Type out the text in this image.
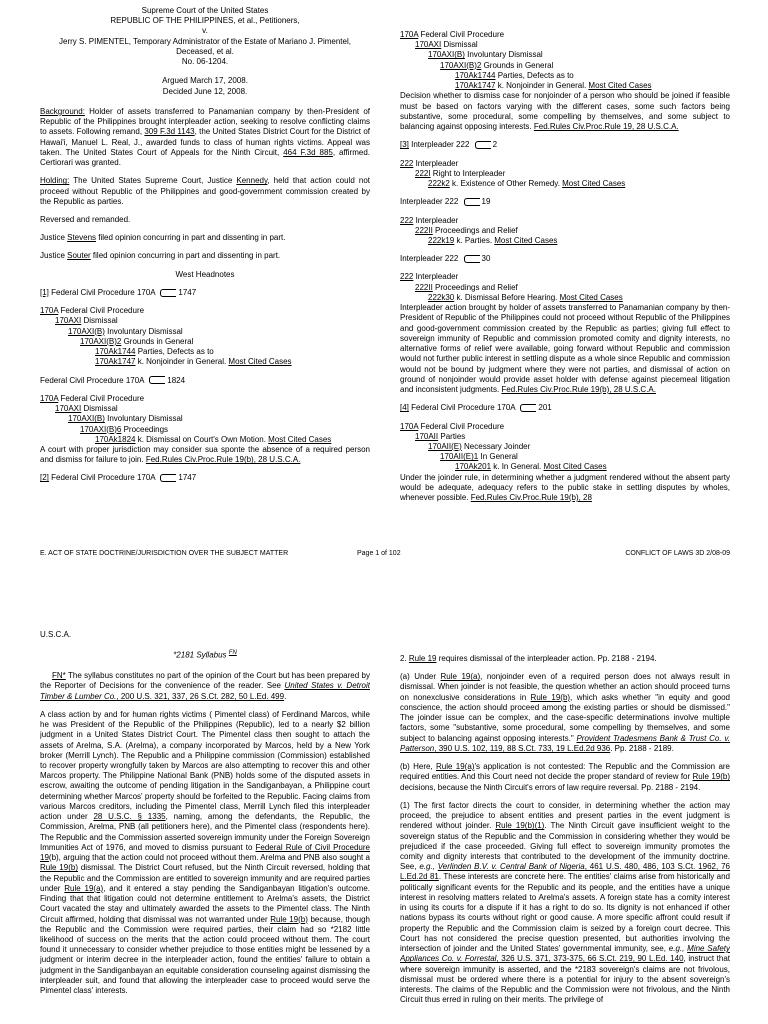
Supreme Court of the United States

REPUBLIC OF THE PHILIPPINES, et al., Petitioners,

v.

Jerry S. PIMENTEL, Temporary Administrator of the Estate of Mariano J. Pimentel,

Deceased, et al.

No. 06-1204.

Argued March 17, 2008.

Decided June 12, 2008.

Background: Holder of assets transferred to Panamanian company by then-President of Republic of the Philippines brought interpleader action, seeking to resolve conflicting claims to assets. Following remand, 309 F.3d 1143, the United States District Court for the District of Hawai'i, Manuel L. Real, J., awarded funds to class of human rights victims. Appeal was taken. The United States Court of Appeals for the Ninth Circuit, 464 F.3d 885, affirmed. Certiorari was granted.

Holding: The United States Supreme Court, Justice Kennedy, held that action could not proceed without Republic of the Philippines and good-government commission created by the Republic as parties.

Reversed and remanded.

Justice Stevens filed opinion concurring in part and dissenting in part.

Justice Souter filed opinion concurring in part and dissenting in part.

West Headnotes

[1] Federal Civil Procedure 170A	1747
170A Federal Civil Procedure
170AXI Dismissal
170AXI(B) Involuntary Dismissal
170AXI(B)2 Grounds in General
170Ak1744 Parties, Defects as to
170Ak1747 k. Nonjoinder in General. Most Cited Cases
Federal Civil Procedure 170A	1824
170A Federal Civil Procedure
170AXI Dismissal
170AXI(B) Involuntary Dismissal
170AXI(B)6 Proceedings
170Ak1824 k. Dismissal on Court's Own Motion. Most Cited Cases

A court with proper jurisdiction may consider sua sponte the absence of a required person and dismiss for failure to join. Fed.Rules Civ.Proc.Rule 19(b), 28 U.S.C.A.

[2] Federal Civil Procedure 170A	1747
170A Federal Civil Procedure
170AXI Dismissal
170AXI(B) Involuntary Dismissal
170AXI(B)2 Grounds in General
170Ak1744 Parties, Defects as to
170Ak1747 k. Nonjoinder in General. Most Cited Cases

Decision whether to dismiss case for nonjoinder of a person who should be joined if feasible must be based on factors varying with the different cases, some such factors being substantive, some procedural, some compelling by themselves, and some subject to balancing against opposing interests. Fed.Rules Civ.Proc.Rule 19, 28 U.S.C.A.

[3] Interpleader 222	2
222 Interpleader
222I Right to Interpleader
222k2 k. Existence of Other Remedy. Most Cited Cases
Interpleader 222	19
222 Interpleader
222II Proceedings and Relief
222k19 k. Parties. Most Cited Cases
Interpleader 222	30
222 Interpleader
222II Proceedings and Relief
222k30 k. Dismissal Before Hearing. Most Cited Cases

Interpleader action brought by holder of assets transferred to Panamanian company by then-President of Republic of the Philippines could not proceed without Republic of the Philippines and good-government commission created by the Republic as parties; giving full effect to sovereign immunity of Republic and commission promoted comity and dignity interests, no alternative forms of relief were available, going forward without Republic and commission would not further public interest in settling dispute as a whole since Republic and commission would not be bound by judgment where they were not parties, and dismissal of action on ground of nonjoinder would provide asset holder with defense against piecemeal litigation and inconsistent judgments. Fed.Rules Civ.Proc.Rule 19(b), 28 U.S.C.A.

[4] Federal Civil Procedure 170A	201
170A Federal Civil Procedure
170AII Parties
170AII(E) Necessary Joinder
170AII(E)1 In General
170Ak201 k. In General. Most Cited Cases

Under the joinder rule, in determining whether a judgment rendered without the absent party would be adequate, adequacy refers to the public stake in settling disputes by wholes, whenever possible. Fed.Rules Civ.Proc.Rule 19(b), 28

E. ACT OF STATE DOCTRINE/JURISDICTION OVER THE SUBJECT MATTER	Page 1 of 102	CONFLICT OF LAWS 3D 2/08-09

U.S.C.A.

*2181 Syllabus $^{FN}$

FN* The syllabus constitutes no part of the opinion of the Court but has been prepared by the Reporter of Decisions for the convenience of the reader. See United States v. Detroit Timber & Lumber Co., 200 U.S. 321, 337, 26 S.Ct. 282, 50 L.Ed. 499.

A class action by and for human rights victims ( Pimentel class) of Ferdinand Marcos, while he was President of the Republic of the Philippines (Republic), led to a nearly $2 billion judgment in a United States District Court. The Pimentel class then sought to attach the assets of Arelma, S.A. (Arelma), a company incorporated by Marcos, held by a New York broker (Merrill Lynch). The Republic and a Philippine commission (Commission) established to recover property wrongfully taken by Marcos are also attempting to recover this and other Marcos property. The Philippine National Bank (PNB) holds some of the disputed assets in escrow, awaiting the outcome of pending litigation in the Sandiganbayan, a Philippine court determining whether Marcos' property should be forfeited to the Republic. Facing claims from various Marcos creditors, including the Pimentel class, Merrill Lynch filed this interpleader action under 28 U.S.C. § 1335, naming, among the defendants, the Republic, the Commission, Arelma, PNB (all petitioners here), and the Pimentel class (respondents here). The Republic and the Commission asserted sovereign immunity under the Foreign Sovereign Immunities Act of 1976, and moved to dismiss pursuant to Federal Rule of Civil Procedure 19(b), arguing that the action could not proceed without them. Arelma and PNB also sought a Rule 19(b) dismissal. The District Court refused, but the Ninth Circuit reversed, holding that the Republic and the Commission are entitled to sovereign immunity and are required parties under Rule 19(a), and it entered a stay pending the Sandiganbayan litigation's outcome. Finding that that litigation could not determine entitlement to Arelma's assets, the District Court vacated the stay and ultimately awarded the assets to the Pimentel class. The Ninth Circuit affirmed, holding that dismissal was not warranted under Rule 19(b) because, though the Republic and the Commission were required parties, their claim had so *2182 little likelihood of success on the merits that the action could proceed without them. The court found it unnecessary to consider whether prejudice to those entities might be lessened by a judgment or interim decree in the interpleader action, found the entities' failure to obtain a judgment in the Sandiganbayan an equitable consideration counseling against dismissing the interpleader suit, and found that allowing the interpleader case to proceed would serve the Pimentel class' interests.

2. Rule 19 requires dismissal of the interpleader action. Pp. 2188 - 2194.

(a) Under Rule 19(a), nonjoinder even of a required person does not always result in dismissal. When joinder is not feasible, the question whether an action should proceed turns on nonexclusive considerations in Rule 19(b), which asks whether "in equity and good conscience, the action should proceed among the existing parties or should be dismissed." The joinder issue can be complex, and the case-specific determinations involve multiple factors, some "substantive, some procedural, some compelling by themselves, and some subject to balancing against opposing interests." Provident Tradesmens Bank & Trust Co. v. Patterson, 390 U.S. 102, 119, 88 S.Ct. 733, 19 L.Ed.2d 936. Pp. 2188 - 2189.

(b) Here, Rule 19(a)'s application is not contested: The Republic and the Commission are required entities. And this Court need not decide the proper standard of review for Rule 19(b) decisions, because the Ninth Circuit's errors of law require reversal. Pp. 2188 - 2194.

(1) The first factor directs the court to consider, in determining whether the action may proceed, the prejudice to absent entities and present parties in the event judgment is rendered without joinder. Rule 19(b)(1). The Ninth Circuit gave insufficient weight to the sovereign status of the Republic and the Commission in considering whether they would be prejudiced if the case proceeded. Giving full effect to sovereign immunity promotes the comity and dignity interests that contributed to the development of the immunity doctrine. See, e.g., Verlinden B.V. v. Central Bank of Nigeria, 461 U.S. 480, 486, 103 S.Ct. 1962, 76 L.Ed.2d 81. These interests are concrete here. The entities' claims arise from historically and politically significant events for the Republic and its people, and the entities have a unique interest in resolving matters related to Arelma's assets. A foreign state has a comity interest in using its courts for a dispute if it has a right to do so. Its dignity is not enhanced if other nations bypass its courts without right or good cause. A more specific affront could result if property the Republic and the Commission claim is seized by a foreign court decree. This Court has not considered the precise question presented, but authorities involving the intersection of joinder and the United States' governmental immunity, see, e.g., Mine Safety Appliances Co. v. Forrestal, 326 U.S. 371, 373-375, 66 S.Ct. 219, 90 L.Ed. 140, instruct that where sovereign immunity is asserted, and the *2183 sovereign's claims are not frivolous, dismissal must be ordered where there is a potential for injury to the absent sovereign's interests. The claims of the Republic and the Commission were not frivolous, and the Ninth Circuit thus erred in ruling on their merits. The privilege of
